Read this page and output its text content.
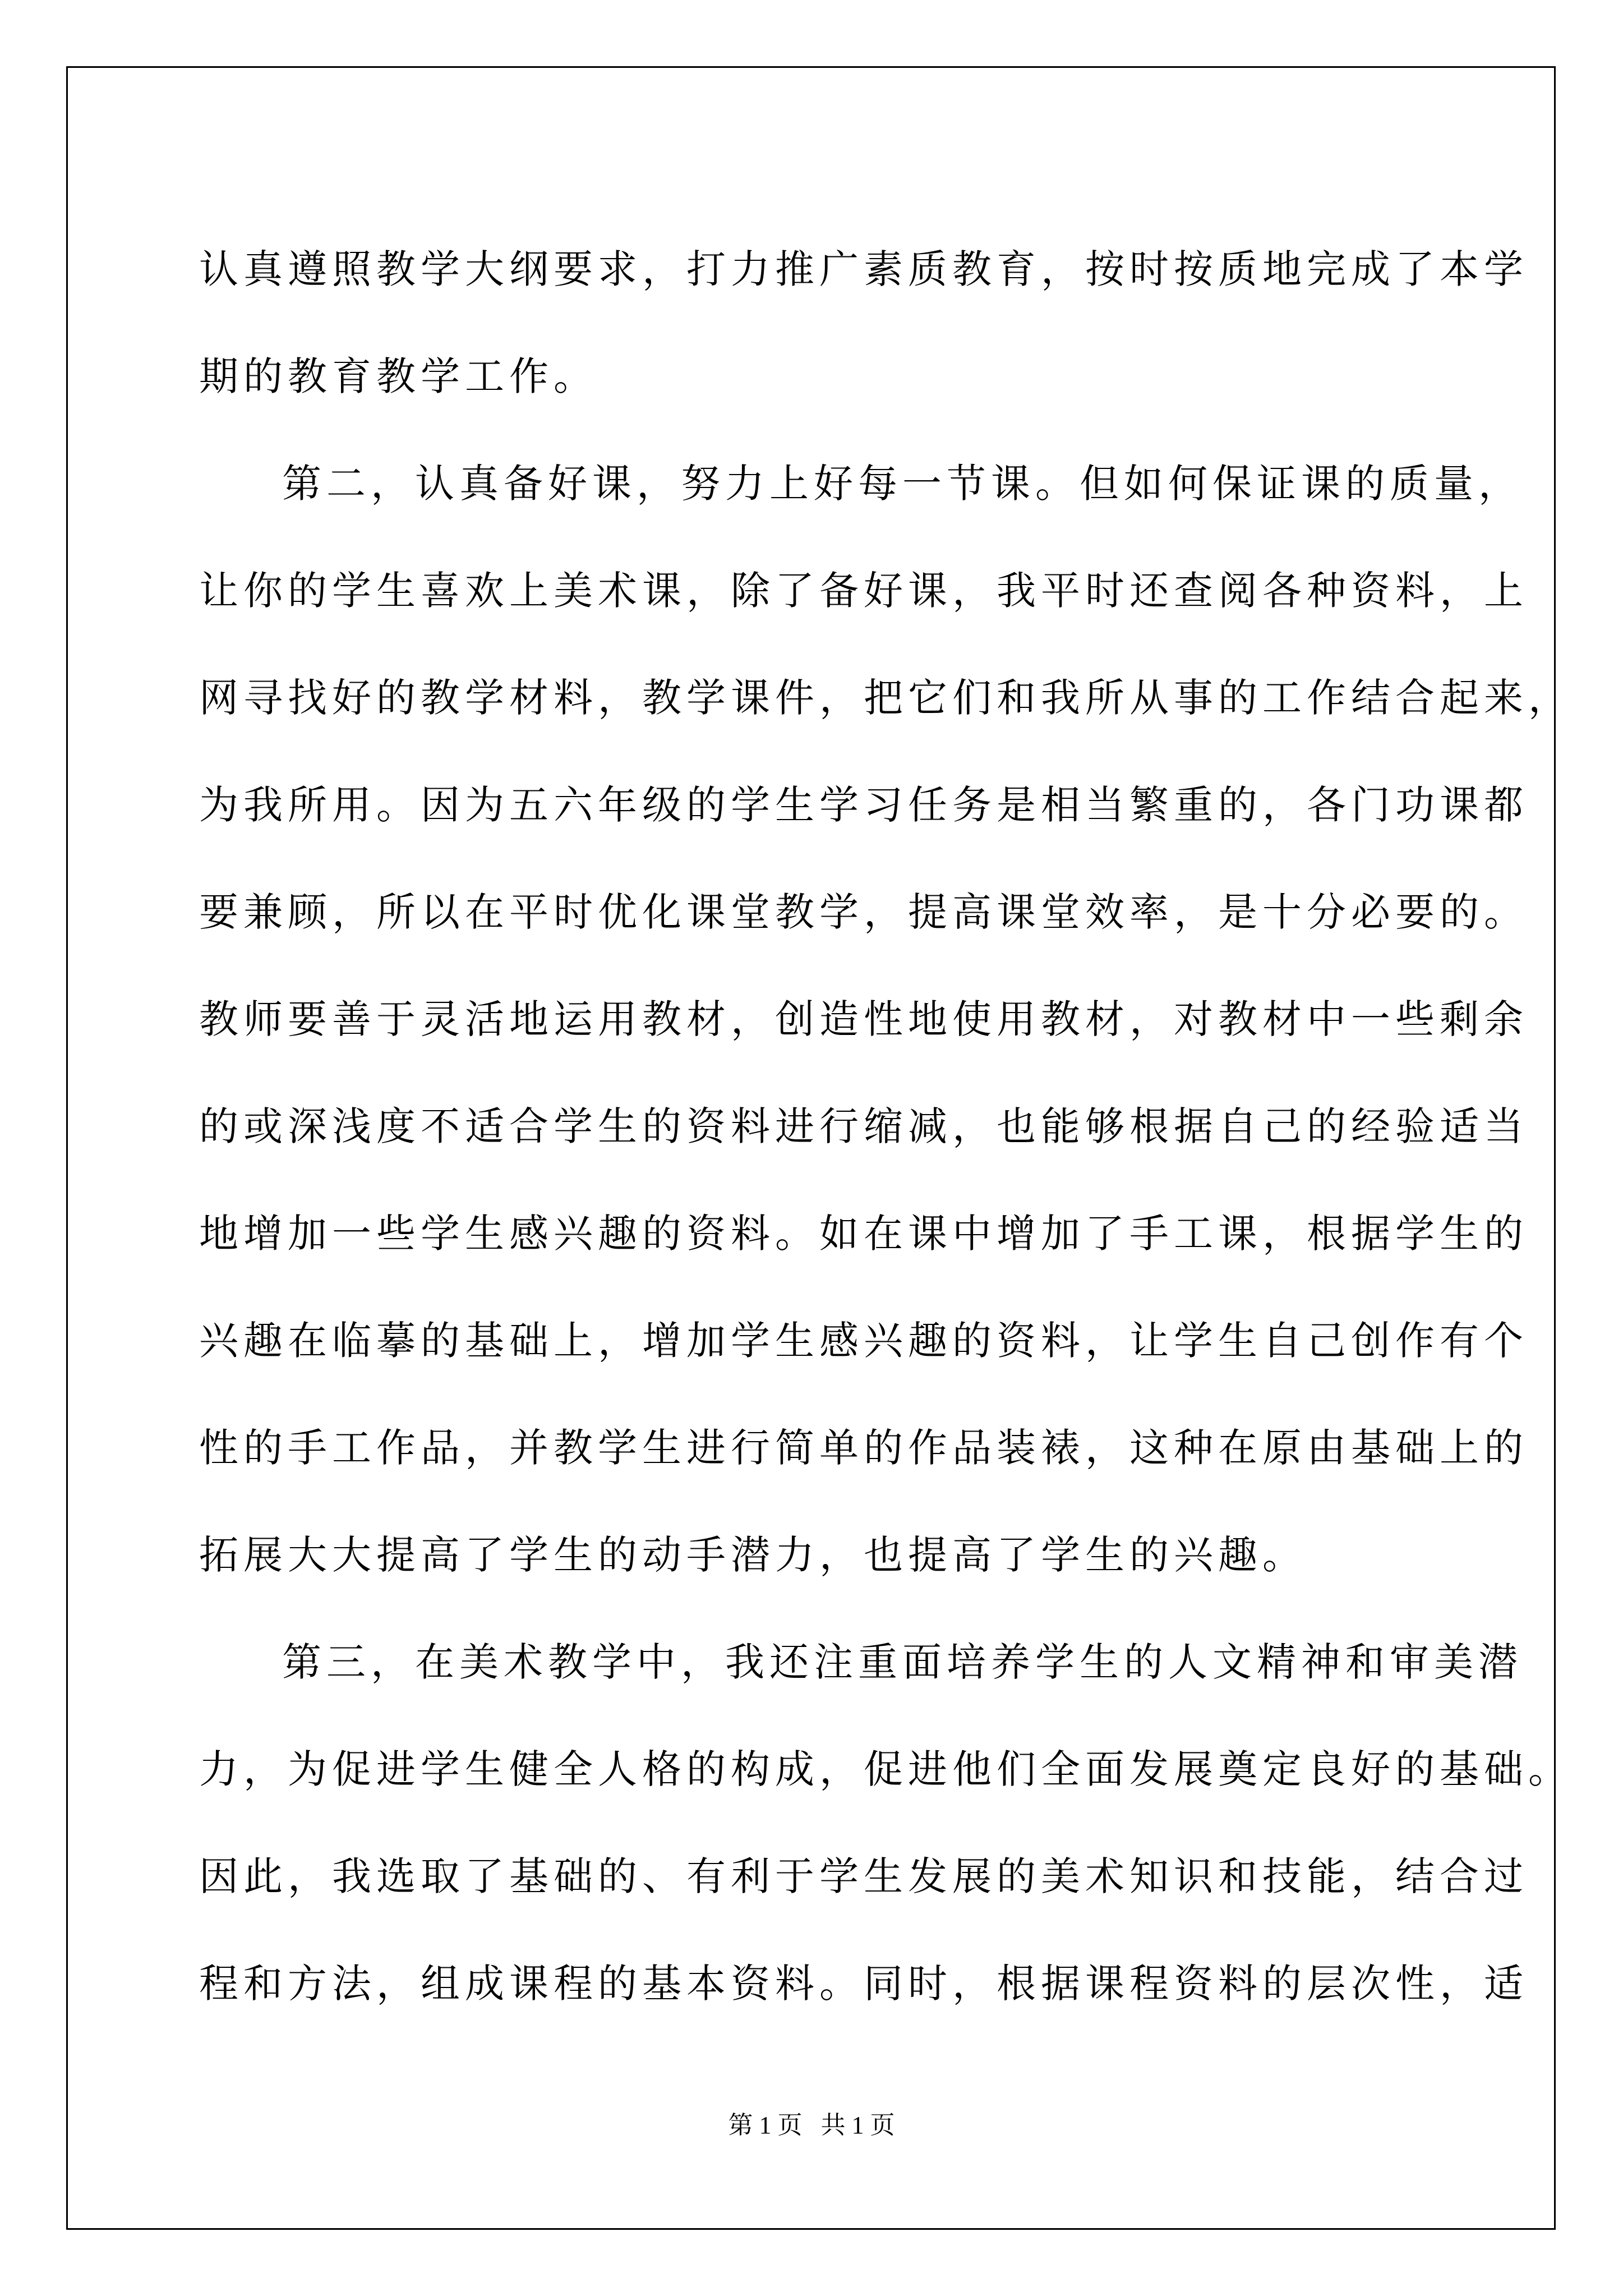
认真遵照教学大纲要求，打力推广素质教育，按时按质地完成了本学
期的教育教学工作。
第二，认真备好课，努力上好每一节课。但如何保证课的质量，
让你的学生喜欢上美术课，除了备好课，我平时还查阅各种资料，上
网寻找好的教学材料，教学课件，把它们和我所从事的工作结合起来，
为我所用。因为五六年级的学生学习任务是相当繁重的，各门功课都
要兼顾，所以在平时优化课堂教学，提高课堂效率，是十分必要的。
教师要善于灵活地运用教材，创造性地使用教材，对教材中一些剩余
的或深浅度不适合学生的资料进行缩减，也能够根据自己的经验适当
地增加一些学生感兴趣的资料。如在课中增加了手工课，根据学生的
兴趣在临摹的基础上，增加学生感兴趣的资料，让学生自己创作有个
性的手工作品，并教学生进行简单的作品装裱，这种在原由基础上的
拓展大大提高了学生的动手潜力，也提高了学生的兴趣。
第三，在美术教学中，我还注重面培养学生的人文精神和审美潜
力，为促进学生健全人格的构成，促进他们全面发展奠定良好的基础。
因此，我选取了基础的、有利于学生发展的美术知识和技能，结合过
程和方法，组成课程的基本资料。同时，根据课程资料的层次性，适
第 1 页   共 1 页
